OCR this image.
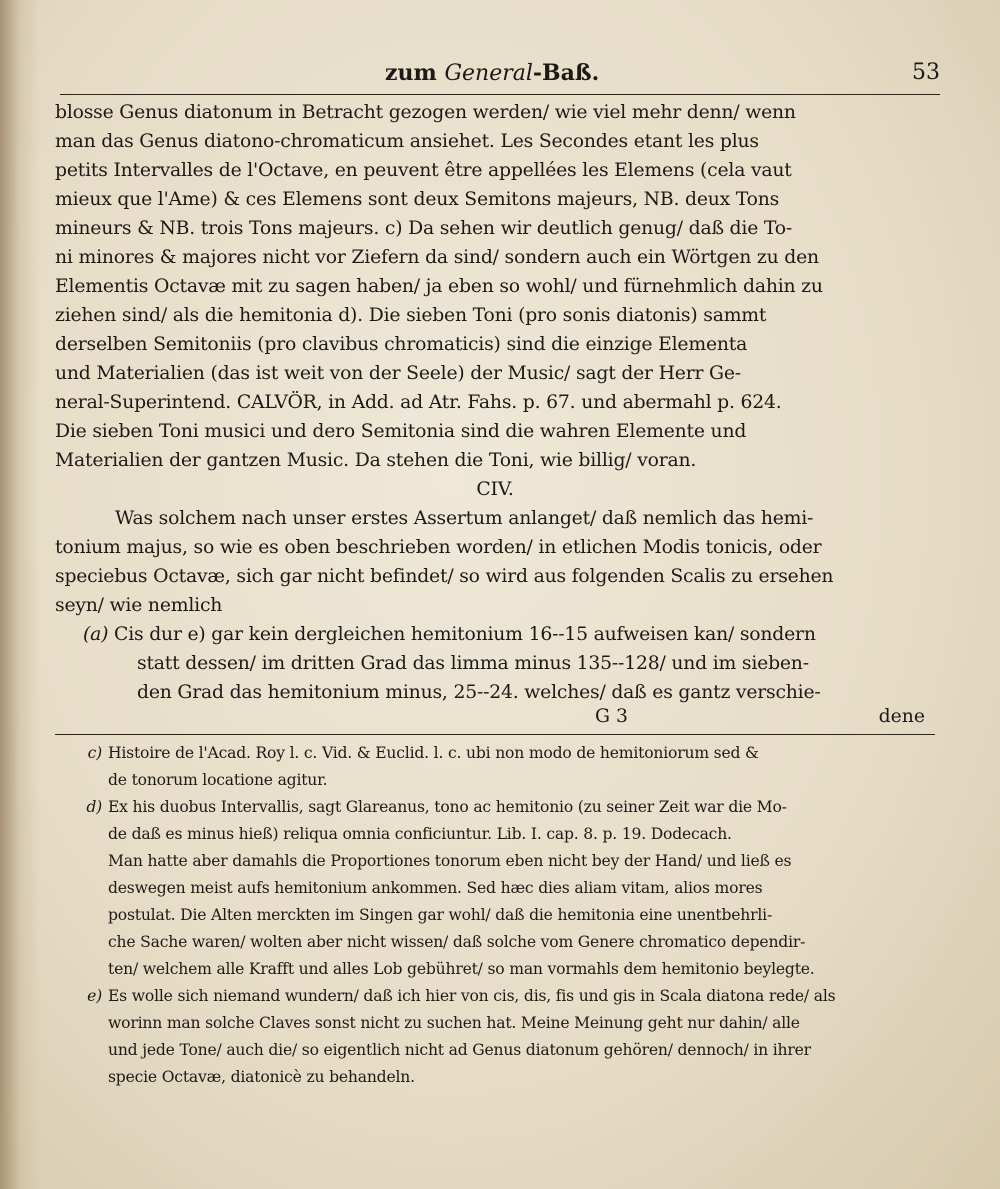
zum General-Baß.	53
blosse Genus diatonum in Betracht gezogen werden/ wie viel mehr denn/ wenn
man das Genus diatono-chromaticum ansiehet. Les Secondes etant les plus
petits Intervalles de l'Octave, en peuvent être appellées les Elemens (cela vaut
mieux que l'Ame) & ces Elemens sont deux Semitons majeurs, NB. deux Tons
mineurs & NB. trois Tons majeurs. c) Da sehen wir deutlich genug/ daß die To-
ni minores & majores nicht vor Ziefern da sind/ sondern auch ein Wörtgen zu den
Elementis Octavæ mit zu sagen haben/ ja eben so wohl/ und fürnehmlich dahin zu
ziehen sind/ als die hemitonia d). Die sieben Toni (pro sonis diatonis) sammt
derselben Semitoniis (pro clavibus chromaticis) sind die einzige Elementa
und Materialien (das ist weit von der Seele) der Music/ sagt der Herr Ge-
neral-Superintend. CALVÖR, in Add. ad Atr. Fahs. p. 67. und abermahl p. 624.
Die sieben Toni musici und dero Semitonia sind die wahren Elemente und
Materialien der gantzen Music. Da stehen die Toni, wie billig/ voran.
CIV.
Was solchem nach unser erstes Assertum anlanget/ daß nemlich das hemi-
tonium majus, so wie es oben beschrieben worden/ in etlichen Modis tonicis, oder
speciebus Octavæ, sich gar nicht befindet/ so wird aus folgenden Scalis zu ersehen
seyn/ wie nemlich
(a) Cis dur e) gar kein dergleichen hemitonium 16--15 aufweisen kan/ sondern
statt dessen/ im dritten Grad das limma minus 135--128/ und im sieben-
den Grad das hemitonium minus, 25--24. welches/ daß es gantz verschie-
G 3	dene
c) Histoire de l'Acad. Roy l. c. Vid. & Euclid. l. c. ubi non modo de hemitoniorum sed &
de tonorum locatione agitur.
d) Ex his duobus Intervallis, sagt Glareanus, tono ac hemitonio (zu seiner Zeit war die Mo-
de daß es minus hieß) reliqua omnia conficiuntur. Lib. I. cap. 8. p. 19. Dodecach.
Man hatte aber damahls die Proportiones tonorum eben nicht bey der Hand/ und ließ es
deswegen meist aufs hemitonium ankommen. Sed hæc dies aliam vitam, alios mores
postulat. Die Alten merckten im Singen gar wohl/ daß die hemitonia eine unentbehrli-
che Sache waren/ wolten aber nicht wissen/ daß solche vom Genere chromatico dependir-
ten/ welchem alle Krafft und alles Lob gebühret/ so man vormahls dem hemitonio beylegte.
e) Es wolle sich niemand wundern/ daß ich hier von cis, dis, fis und gis in Scala diatona rede/ als
worinn man solche Claves sonst nicht zu suchen hat. Meine Meinung geht nur dahin/ alle
und jede Tone/ auch die/ so eigentlich nicht ad Genus diatonum gehören/ dennoch/ in ihrer
specie Octavæ, diatonicè zu behandeln.
